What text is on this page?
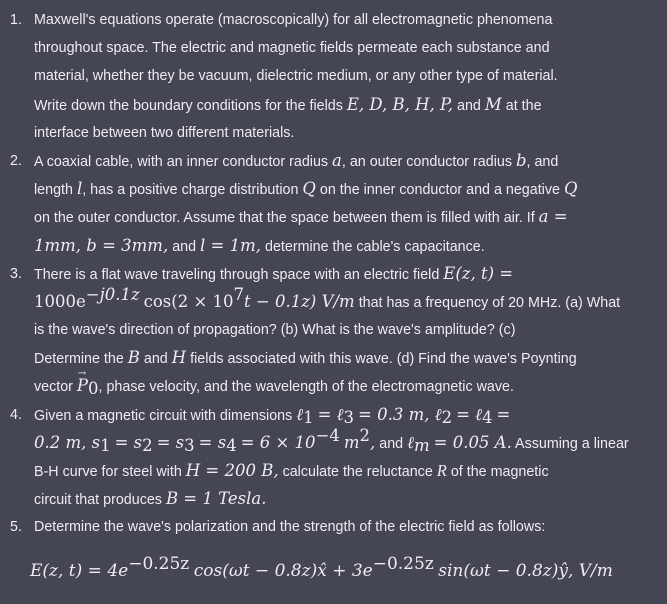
1. Maxwell's equations operate (macroscopically) for all electromagnetic phenomena
throughout space. The electric and magnetic fields permeate each substance and
material, whether they be vacuum, dielectric medium, or any other type of material.
Write down the boundary conditions for the fields E, D, B, H, P, and M at the
interface between two different materials.
2. A coaxial cable, with an inner conductor radius a, an outer conductor radius b, and
length l, has a positive charge distribution Q on the inner conductor and a negative Q
on the outer conductor. Assume that the space between them is filled with air. If a =
1mm, b = 3mm, and l = 1m, determine the cable's capacitance.
3. There is a flat wave traveling through space with an electric field E(z, t) =
$1000e^{-j0.1z}$ $\cos(2 \times 10^7t - 0.1z)$ V/m that has a frequency of 20 MHz. (a) What
is the wave's direction of propagation? (b) What is the wave's amplitude? (c)
Determine the B and H fields associated with this wave. (d) Find the wave's Poynting
vector → $P_0$, phase velocity, and the wavelength of the electromagnetic wave.
4. Given a magnetic circuit with dimensions ℓ$_1$ = ℓ$_3$ = 0.3 m, ℓ$_2$ = ℓ$_4$ =
0.2 m, $s_1 = s_2 = s_3 = s_4 = 6 \times 10^{-4}$ $m^2$, and ℓ$_m$ = 0.05 A. Assuming a linear
B-H curve for steel with H = 200 B, calculate the reluctance R of the magnetic
circuit that produces B = 1 Tesla.
5. Determine the wave's polarization and the strength of the electric field as follows:
E(z, $t) = 4e^{-0.25z}$ cos(ωt − 0.8z)x̂ + $3e^{-0.25z}$ sin(ωt − 0.8z)ŷ, V/m
